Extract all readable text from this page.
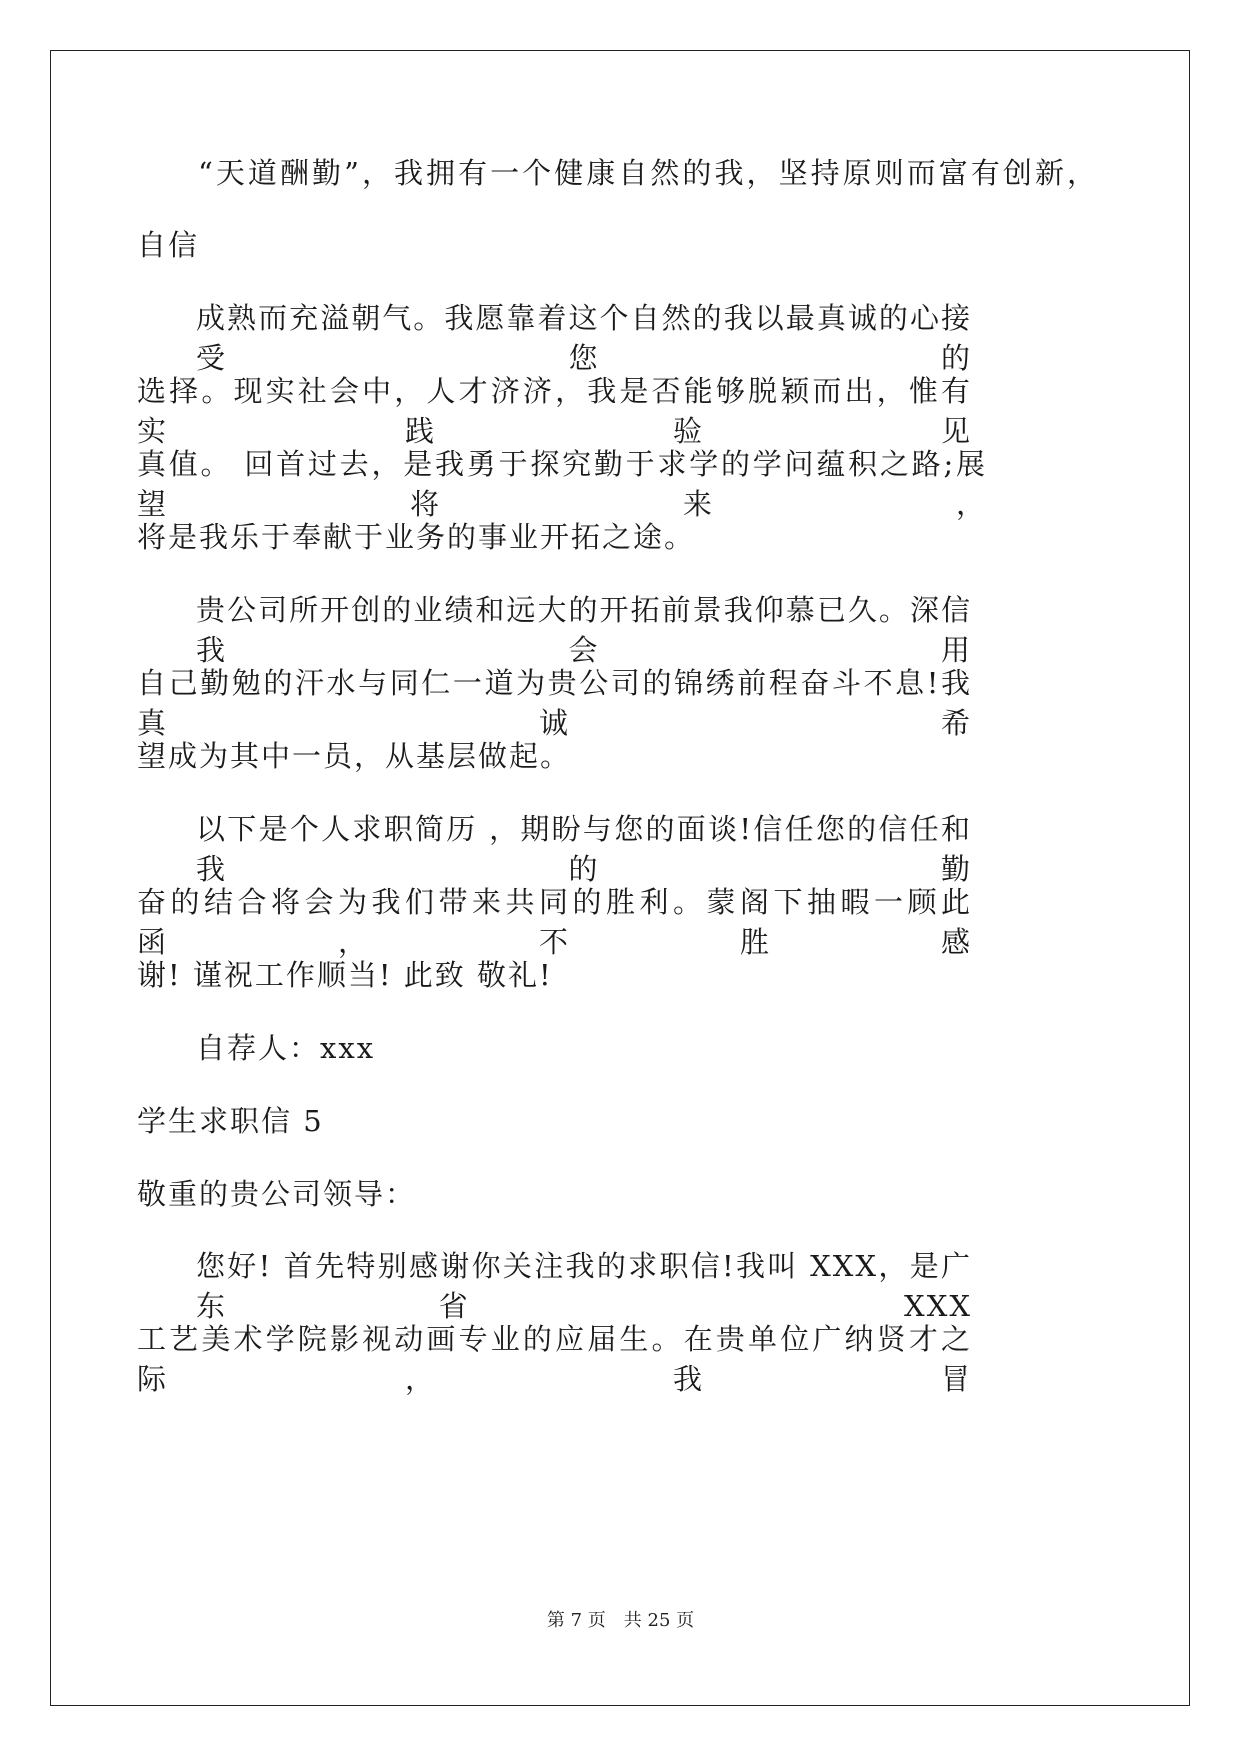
“天道酬勤”，我拥有一个健康自然的我，坚持原则而富有创新，
自信
成熟而充溢朝气。我愿靠着这个自然的我以最真诚的心接受您的
选择。现实社会中，人才济济，我是否能够脱颖而出，惟有实践验见
真值。 回首过去，是我勇于探究勤于求学的学问蕴积之路;展望将来，
将是我乐于奉献于业务的事业开拓之途。
贵公司所开创的业绩和远大的开拓前景我仰慕已久。深信我会用
自己勤勉的汗水与同仁一道为贵公司的锦绣前程奋斗不息!我真诚希
望成为其中一员，从基层做起。
以下是个人求职简历 ，期盼与您的面谈!信任您的信任和我的勤
奋的结合将会为我们带来共同的胜利。蒙阁下抽暇一顾此函，不胜感
谢! 谨祝工作顺当! 此致 敬礼!
自荐人：xxx
学生求职信 5
敬重的贵公司领导：
您好! 首先特别感谢你关注我的求职信!我叫 XXX，是广东省 XXX
工艺美术学院影视动画专业的应届生。在贵单位广纳贤才之际，我冒
第 7 页 共 25 页
